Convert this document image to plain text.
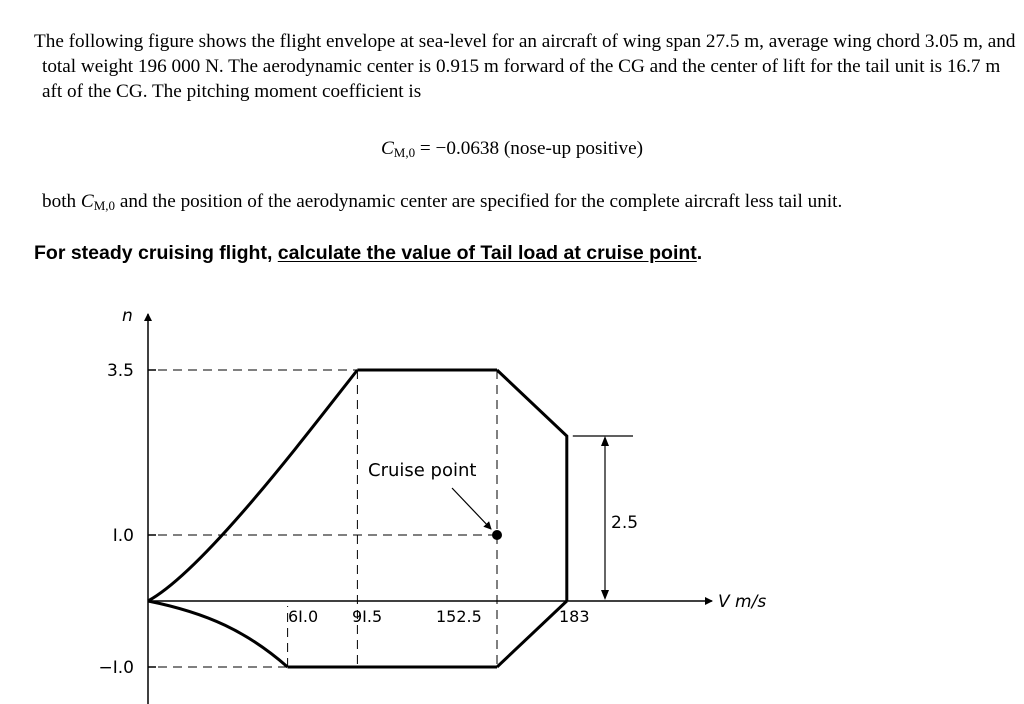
The following figure shows the flight envelope at sea-level for an aircraft of wing span 27.5 m, average wing chord 3.05 m, and total weight 196 000 N. The aerodynamic center is 0.915 m forward of the CG and the center of lift for the tail unit is 16.7 m aft of the CG. The pitching moment coefficient is
$C_{M,0} = -0.0638$ (nose-up positive)
both $C_{M,0}$ and the position of the aerodynamic center are specified for the complete aircraft less tail unit.
For steady cruising flight, calculate the value of Tail load at cruise point.
n
V m/s
3.5
I.0
−I.0
6I.0 9I.5	152.5	183
Cruise point
2.5
